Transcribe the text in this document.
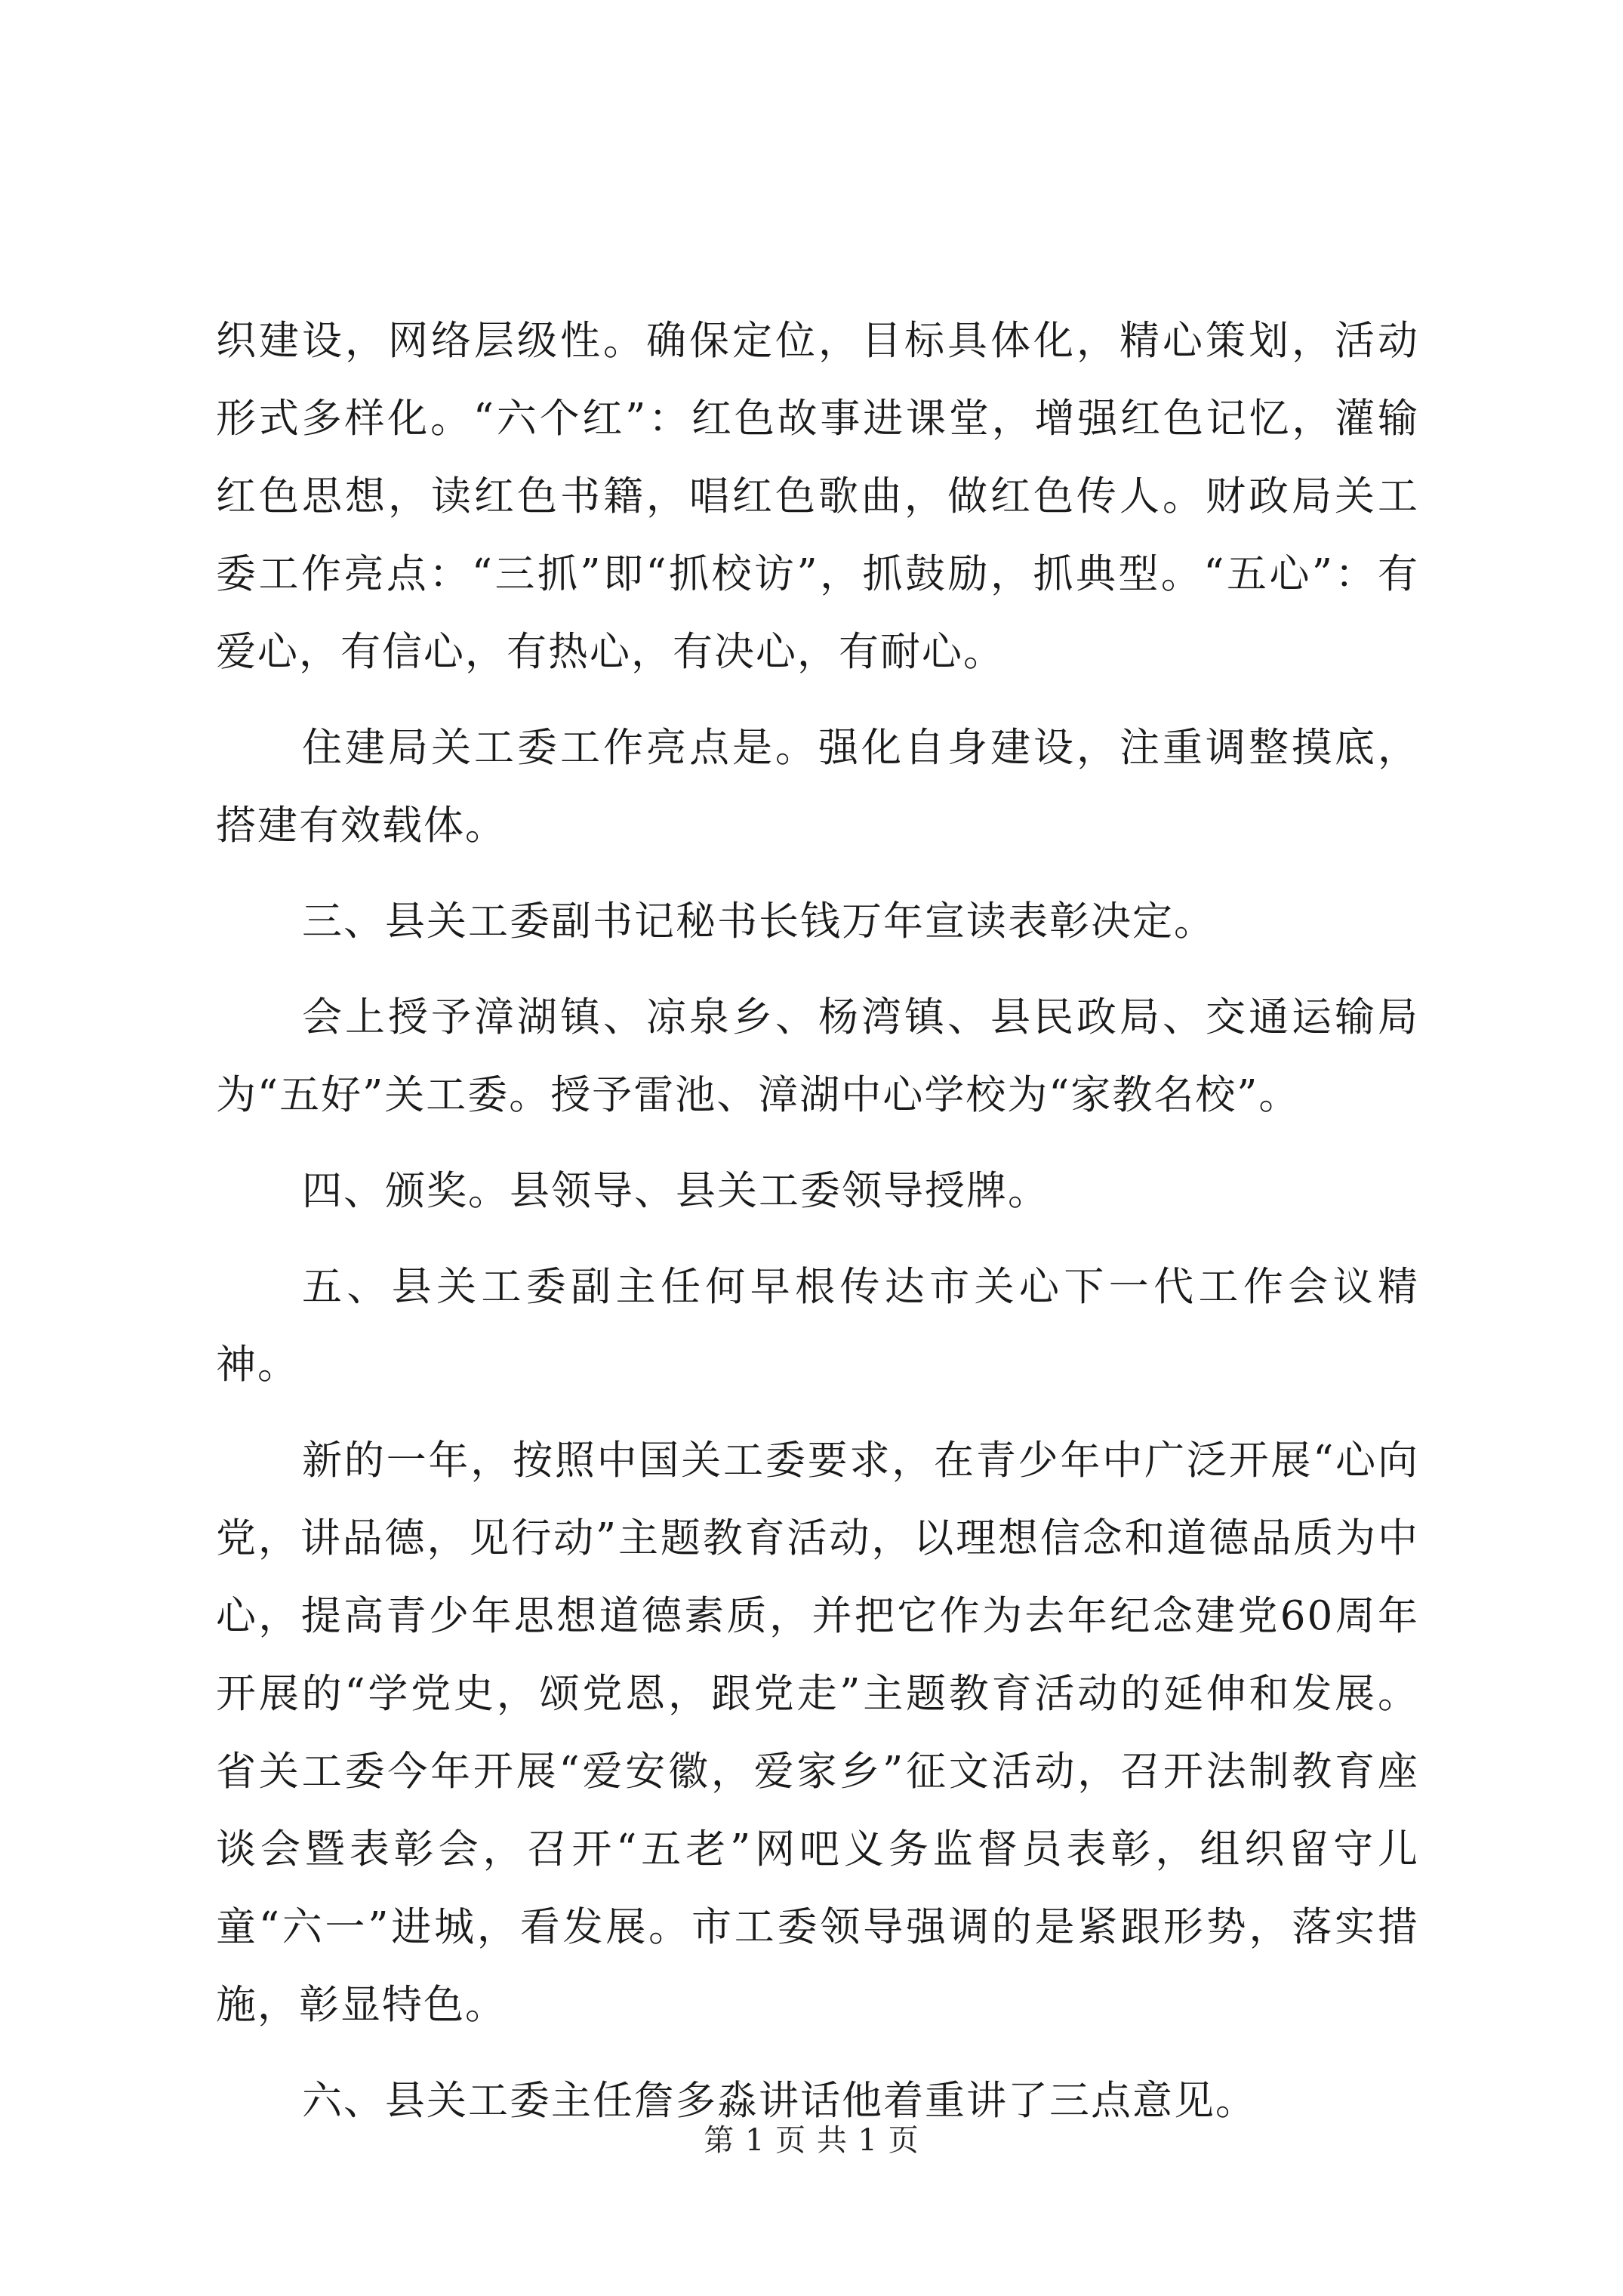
织建设，网络层级性。确保定位，目标具体化，精心策划，活动形式多样化。“六个红”：红色故事进课堂，增强红色记忆，灌输红色思想，读红色书籍，唱红色歌曲，做红色传人。财政局关工委工作亮点：“三抓”即“抓校访”，抓鼓励，抓典型。“五心”：有爱心，有信心，有热心，有决心，有耐心。

住建局关工委工作亮点是。强化自身建设，注重调整摸底，搭建有效载体。

三、县关工委副书记秘书长钱万年宣读表彰决定。

会上授予漳湖镇、凉泉乡、杨湾镇、县民政局、交通运输局为“五好”关工委。授予雷池、漳湖中心学校为“家教名校”。

四、颁奖。县领导、县关工委领导授牌。

五、县关工委副主任何早根传达市关心下一代工作会议精神。

新的一年，按照中国关工委要求，在青少年中广泛开展“心向党，讲品德，见行动”主题教育活动，以理想信念和道德品质为中心，提高青少年思想道德素质，并把它作为去年纪念建党60周年开展的“学党史，颂党恩，跟党走”主题教育活动的延伸和发展。省关工委今年开展“爱安徽，爱家乡”征文活动，召开法制教育座谈会暨表彰会，召开“五老”网吧义务监督员表彰，组织留守儿童“六一”进城，看发展。市工委领导强调的是紧跟形势，落实措施，彰显特色。

六、县关工委主任詹多淼讲话他着重讲了三点意见。

第 1 页 共 1 页
